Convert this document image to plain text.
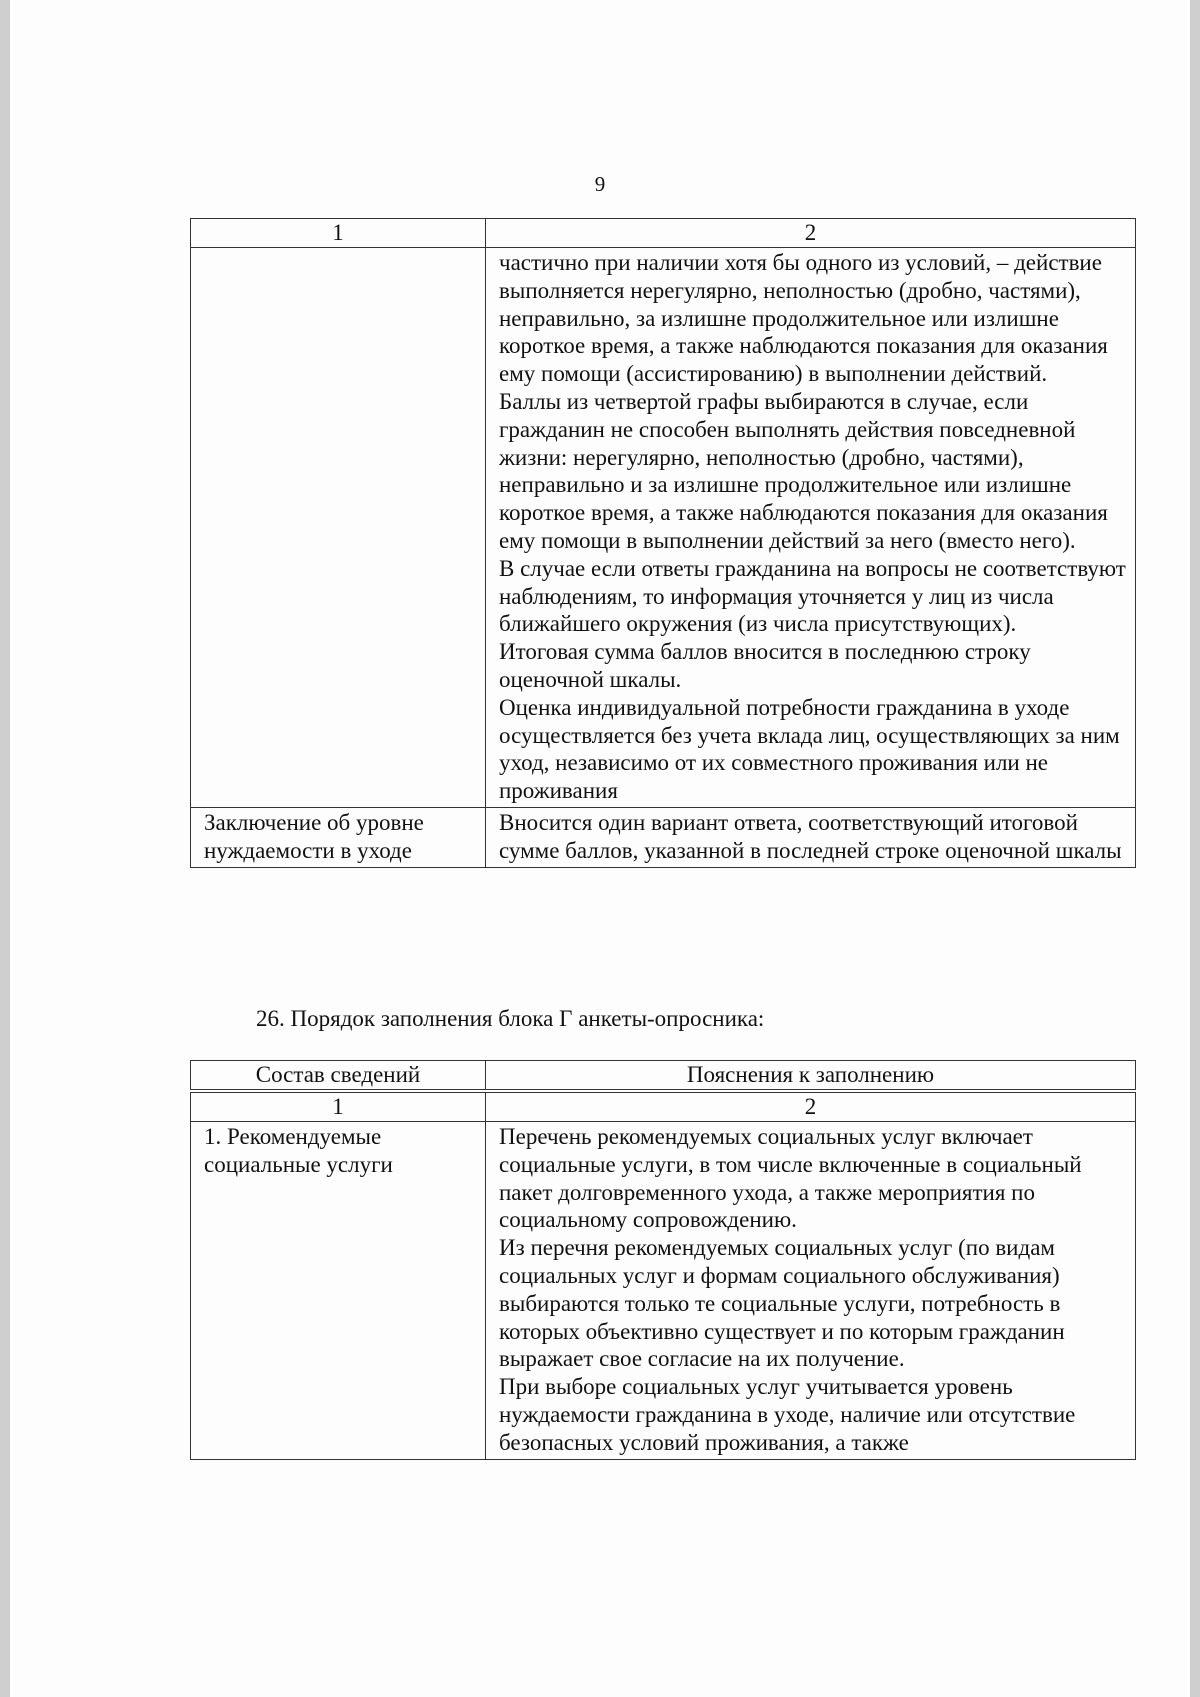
9
1	2

	частично при наличии хотя бы одного из условий, – действие выполняется нерегулярно, неполностью (дробно, частями), неправильно, за излишне продолжительное или излишне короткое время, а также наблюдаются показания для оказания ему помощи (ассистированию) в выполнении действий.
Баллы из четвертой графы выбираются в случае, если гражданин не способен выполнять действия повседневной жизни: нерегулярно, неполностью (дробно, частями), неправильно и за излишне продолжительное или излишне короткое время, а также наблюдаются показания для оказания ему помощи в выполнении действий за него (вместо него).
В случае если ответы гражданина на вопросы не соответствуют наблюдениям, то информация уточняется у лиц из числа ближайшего окружения (из числа присутствующих).
Итоговая сумма баллов вносится в последнюю строку оценочной шкалы.
Оценка индивидуальной потребности гражданина в уходе осуществляется без учета вклада лиц, осуществляющих за ним уход, независимо от их совместного проживания или не проживания

Заключение об уровне нуждаемости в уходе	Вносится один вариант ответа, соответствующий итоговой сумме баллов, указанной в последней строке оценочной шкалы

26. Порядок заполнения блока Г анкеты-опросника:

Состав сведений	Пояснения к заполнению

1	2
1. Рекомендуемые социальные услуги	Перечень рекомендуемых социальных услуг включает социальные услуги, в том числе включенные в социальный пакет долговременного ухода, а также мероприятия по социальному сопровождению.
Из перечня рекомендуемых социальных услуг (по видам социальных услуг и формам социального обслуживания) выбираются только те социальные услуги, потребность в которых объективно существует и по которым гражданин выражает свое согласие на их получение.
При выборе социальных услуг учитывается уровень нуждаемости гражданина в уходе, наличие или отсутствие безопасных условий проживания, а также
